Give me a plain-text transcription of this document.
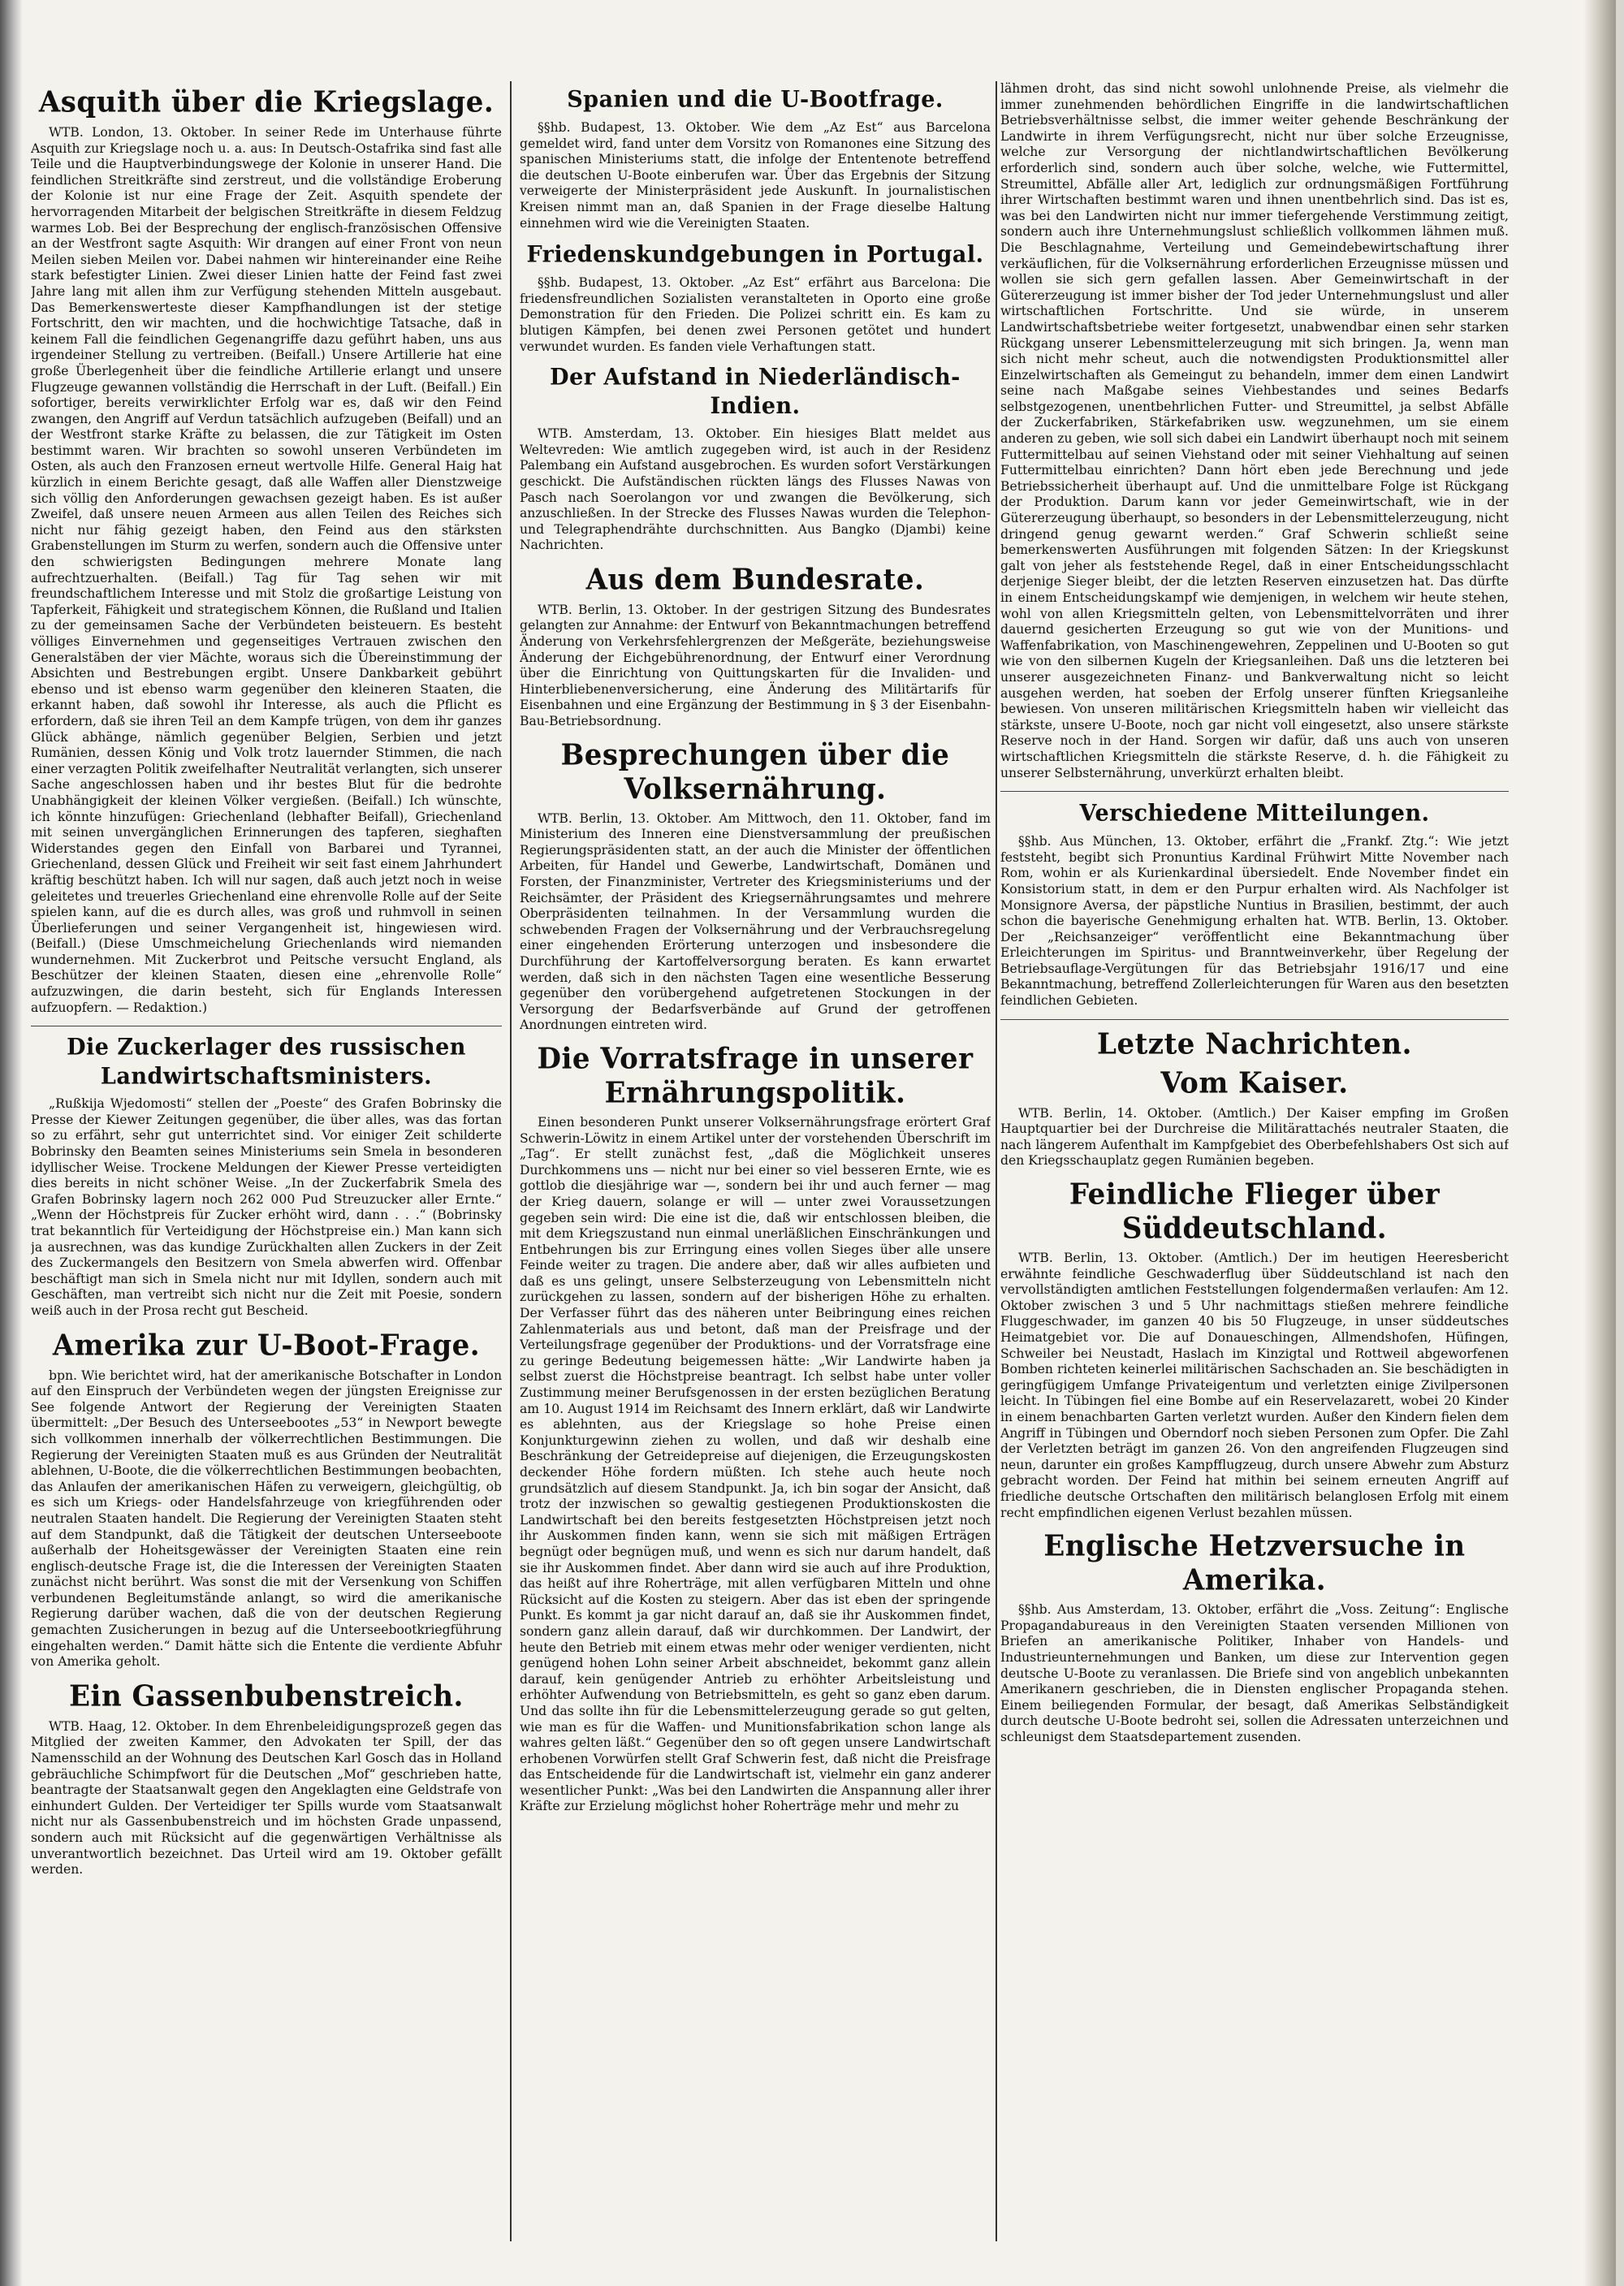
Asquith über die Kriegslage.

WTB. London, 13. Oktober. In seiner Rede im Unterhause führte Asquith zur Kriegslage noch u. a. aus: In Deutsch-Ostafrika sind fast alle Teile und die Hauptverbindungswege der Kolonie in unserer Hand. Die feindlichen Streitkräfte sind zerstreut, und die vollständige Eroberung der Kolonie ist nur eine Frage der Zeit. Asquith spendete der hervorragenden Mitarbeit der belgischen Streitkräfte in diesem Feldzug warmes Lob. Bei der Besprechung der englisch-französischen Offensive an der Westfront sagte Asquith: Wir drangen auf einer Front von neun Meilen sieben Meilen vor. Dabei nahmen wir hintereinander eine Reihe stark befestigter Linien. Zwei dieser Linien hatte der Feind fast zwei Jahre lang mit allen ihm zur Verfügung stehenden Mitteln ausgebaut. Das Bemerkenswerteste dieser Kampfhandlungen ist der stetige Fortschritt, den wir machten, und die hochwichtige Tatsache, daß in keinem Fall die feindlichen Gegenangriffe dazu geführt haben, uns aus irgendeiner Stellung zu vertreiben. (Beifall.) Unsere Artillerie hat eine große Überlegenheit über die feindliche Artillerie erlangt und unsere Flugzeuge gewannen vollständig die Herrschaft in der Luft. (Beifall.) Ein sofortiger, bereits verwirklichter Erfolg war es, daß wir den Feind zwangen, den Angriff auf Verdun tatsächlich aufzugeben (Beifall) und an der Westfront starke Kräfte zu belassen, die zur Tätigkeit im Osten bestimmt waren. Wir brachten so sowohl unseren Verbündeten im Osten, als auch den Franzosen erneut wertvolle Hilfe. General Haig hat kürzlich in einem Berichte gesagt, daß alle Waffen aller Dienstzweige sich völlig den Anforderungen gewachsen gezeigt haben. Es ist außer Zweifel, daß unsere neuen Armeen aus allen Teilen des Reiches sich nicht nur fähig gezeigt haben, den Feind aus den stärksten Grabenstellungen im Sturm zu werfen, sondern auch die Offensive unter den schwierigsten Bedingungen mehrere Monate lang aufrechtzuerhalten. (Beifall.) Tag für Tag sehen wir mit freundschaftlichem Interesse und mit Stolz die großartige Leistung von Tapferkeit, Fähigkeit und strategischem Können, die Rußland und Italien zu der gemeinsamen Sache der Verbündeten beisteuern. Es besteht völliges Einvernehmen und gegenseitiges Vertrauen zwischen den Generalstäben der vier Mächte, woraus sich die Übereinstimmung der Absichten und Bestrebungen ergibt. Unsere Dankbarkeit gebührt ebenso und ist ebenso warm gegenüber den kleineren Staaten, die erkannt haben, daß sowohl ihr Interesse, als auch die Pflicht es erfordern, daß sie ihren Teil an dem Kampfe trügen, von dem ihr ganzes Glück abhänge, nämlich gegenüber Belgien, Serbien und jetzt Rumänien, dessen König und Volk trotz lauernder Stimmen, die nach einer verzagten Politik zweifelhafter Neutralität verlangten, sich unserer Sache angeschlossen haben und ihr bestes Blut für die bedrohte Unabhängigkeit der kleinen Völker vergießen. (Beifall.) Ich wünschte, ich könnte hinzufügen: Griechenland (lebhafter Beifall), Griechenland mit seinen unvergänglichen Erinnerungen des tapferen, sieghaften Widerstandes gegen den Einfall von Barbarei und Tyrannei, Griechenland, dessen Glück und Freiheit wir seit fast einem Jahrhundert kräftig beschützt haben. Ich will nur sagen, daß auch jetzt noch in weise geleitetes und treuerles Griechenland eine ehrenvolle Rolle auf der Seite spielen kann, auf die es durch alles, was groß und ruhmvoll in seinen Überlieferungen und seiner Vergangenheit ist, hingewiesen wird. (Beifall.) (Diese Umschmeichelung Griechenlands wird niemanden wundernehmen. Mit Zuckerbrot und Peitsche versucht England, als Beschützer der kleinen Staaten, diesen eine „ehrenvolle Rolle“ aufzuzwingen, die darin besteht, sich für Englands Interessen aufzuopfern. — Redaktion.)

Die Zuckerlager des russischen Landwirtschaftsministers.

„Rußkija Wjedomosti“ stellen der „Poeste“ des Grafen Bobrinsky die Presse der Kiewer Zeitungen gegenüber, die über alles, was das fortan so zu erfährt, sehr gut unterrichtet sind. Vor einiger Zeit schilderte Bobrinsky den Beamten seines Ministeriums sein Smela in besonderen idyllischer Weise. Trockene Meldungen der Kiewer Presse verteidigten dies bereits in nicht schöner Weise. „In der Zuckerfabrik Smela des Grafen Bobrinsky lagern noch 262 000 Pud Streuzucker aller Ernte.“ „Wenn der Höchstpreis für Zucker erhöht wird, dann . . .“ (Bobrinsky trat bekanntlich für Verteidigung der Höchstpreise ein.) Man kann sich ja ausrechnen, was das kundige Zurückhalten allen Zuckers in der Zeit des Zuckermangels den Besitzern von Smela abwerfen wird. Offenbar beschäftigt man sich in Smela nicht nur mit Idyllen, sondern auch mit Geschäften, man vertreibt sich nicht nur die Zeit mit Poesie, sondern weiß auch in der Prosa recht gut Bescheid.

Amerika zur U-Boot-Frage.

bpn. Wie berichtet wird, hat der amerikanische Botschafter in London auf den Einspruch der Verbündeten wegen der jüngsten Ereignisse zur See folgende Antwort der Regierung der Vereinigten Staaten übermittelt: „Der Besuch des Unterseebootes „53“ in Newport bewegte sich vollkommen innerhalb der völkerrechtlichen Bestimmungen. Die Regierung der Vereinigten Staaten muß es aus Gründen der Neutralität ablehnen, U-Boote, die die völkerrechtlichen Bestimmungen beobachten, das Anlaufen der amerikanischen Häfen zu verweigern, gleichgültig, ob es sich um Kriegs- oder Handelsfahrzeuge von kriegführenden oder neutralen Staaten handelt. Die Regierung der Vereinigten Staaten steht auf dem Standpunkt, daß die Tätigkeit der deutschen Unterseeboote außerhalb der Hoheitsgewässer der Vereinigten Staaten eine rein englisch-deutsche Frage ist, die die Interessen der Vereinigten Staaten zunächst nicht berührt. Was sonst die mit der Versenkung von Schiffen verbundenen Begleitumstände anlangt, so wird die amerikanische Regierung darüber wachen, daß die von der deutschen Regierung gemachten Zusicherungen in bezug auf die Unterseebootkriegführung eingehalten werden.“ Damit hätte sich die Entente die verdiente Abfuhr von Amerika geholt.

Ein Gassenbubenstreich.

WTB. Haag, 12. Oktober. In dem Ehrenbeleidigungsprozeß gegen das Mitglied der zweiten Kammer, den Advokaten ter Spill, der das Namensschild an der Wohnung des Deutschen Karl Gosch das in Holland gebräuchliche Schimpfwort für die Deutschen „Mof“ geschrieben hatte, beantragte der Staatsanwalt gegen den Angeklagten eine Geldstrafe von einhundert Gulden. Der Verteidiger ter Spills wurde vom Staatsanwalt nicht nur als Gassenbubenstreich und im höchsten Grade unpassend, sondern auch mit Rücksicht auf die gegenwärtigen Verhältnisse als unverantwortlich bezeichnet. Das Urteil wird am 19. Oktober gefällt werden.

Spanien und die U-Bootfrage.

§§hb. Budapest, 13. Oktober. Wie dem „Az Est“ aus Barcelona gemeldet wird, fand unter dem Vorsitz von Romanones eine Sitzung des spanischen Ministeriums statt, die infolge der Ententenote betreffend die deutschen U-Boote einberufen war. Über das Ergebnis der Sitzung verweigerte der Ministerpräsident jede Auskunft. In journalistischen Kreisen nimmt man an, daß Spanien in der Frage dieselbe Haltung einnehmen wird wie die Vereinigten Staaten.

Friedenskundgebungen in Portugal.

§§hb. Budapest, 13. Oktober. „Az Est“ erfährt aus Barcelona: Die friedensfreundlichen Sozialisten veranstalteten in Oporto eine große Demonstration für den Frieden. Die Polizei schritt ein. Es kam zu blutigen Kämpfen, bei denen zwei Personen getötet und hundert verwundet wurden. Es fanden viele Verhaftungen statt.

Der Aufstand in Niederländisch-Indien.

WTB. Amsterdam, 13. Oktober. Ein hiesiges Blatt meldet aus Weltevreden: Wie amtlich zugegeben wird, ist auch in der Residenz Palembang ein Aufstand ausgebrochen. Es wurden sofort Verstärkungen geschickt. Die Aufständischen rückten längs des Flusses Nawas von Pasch nach Soerolangon vor und zwangen die Bevölkerung, sich anzuschließen. In der Strecke des Flusses Nawas wurden die Telephon- und Telegraphendrähte durchschnitten. Aus Bangko (Djambi) keine Nachrichten.

Aus dem Bundesrate.

WTB. Berlin, 13. Oktober. In der gestrigen Sitzung des Bundesrates gelangten zur Annahme: der Entwurf von Bekanntmachungen betreffend Änderung von Verkehrsfehlergrenzen der Meßgeräte, beziehungsweise Änderung der Eichgebührenordnung, der Entwurf einer Verordnung über die Einrichtung von Quittungskarten für die Invaliden- und Hinterbliebenenversicherung, eine Änderung des Militärtarifs für Eisenbahnen und eine Ergänzung der Bestimmung in § 3 der Eisenbahn-Bau-Betriebsordnung.

Besprechungen über die Volksernährung.

WTB. Berlin, 13. Oktober. Am Mittwoch, den 11. Oktober, fand im Ministerium des Inneren eine Dienstversammlung der preußischen Regierungspräsidenten statt, an der auch die Minister der öffentlichen Arbeiten, für Handel und Gewerbe, Landwirtschaft, Domänen und Forsten, der Finanzminister, Vertreter des Kriegsministeriums und der Reichsämter, der Präsident des Kriegsernährungsamtes und mehrere Oberpräsidenten teilnahmen. In der Versammlung wurden die schwebenden Fragen der Volksernährung und der Verbrauchsregelung einer eingehenden Erörterung unterzogen und insbesondere die Durchführung der Kartoffelversorgung beraten. Es kann erwartet werden, daß sich in den nächsten Tagen eine wesentliche Besserung gegenüber den vorübergehend aufgetretenen Stockungen in der Versorgung der Bedarfsverbände auf Grund der getroffenen Anordnungen eintreten wird.

Die Vorratsfrage in unserer Ernährungspolitik.

Einen besonderen Punkt unserer Volksernährungsfrage erörtert Graf Schwerin-Löwitz in einem Artikel unter der vorstehenden Überschrift im „Tag“. Er stellt zunächst fest, „daß die Möglichkeit unseres Durchkommens uns — nicht nur bei einer so viel besseren Ernte, wie es gottlob die diesjährige war —, sondern bei ihr und auch ferner — mag der Krieg dauern, solange er will — unter zwei Voraussetzungen gegeben sein wird: Die eine ist die, daß wir entschlossen bleiben, die mit dem Kriegszustand nun einmal unerläßlichen Einschränkungen und Entbehrungen bis zur Erringung eines vollen Sieges über alle unsere Feinde weiter zu tragen. Die andere aber, daß wir alles aufbieten und daß es uns gelingt, unsere Selbsterzeugung von Lebensmitteln nicht zurückgehen zu lassen, sondern auf der bisherigen Höhe zu erhalten. Der Verfasser führt das des näheren unter Beibringung eines reichen Zahlenmaterials aus und betont, daß man der Preisfrage und der Verteilungsfrage gegenüber der Produktions- und der Vorratsfrage eine zu geringe Bedeutung beigemessen hätte: „Wir Landwirte haben ja selbst zuerst die Höchstpreise beantragt. Ich selbst habe unter voller Zustimmung meiner Berufsgenossen in der ersten bezüglichen Beratung am 10. August 1914 im Reichsamt des Innern erklärt, daß wir Landwirte es ablehnten, aus der Kriegslage so hohe Preise einen Konjunkturgewinn ziehen zu wollen, und daß wir deshalb eine Beschränkung der Getreidepreise auf diejenigen, die Erzeugungskosten deckender Höhe fordern müßten. Ich stehe auch heute noch grundsätzlich auf diesem Standpunkt. Ja, ich bin sogar der Ansicht, daß trotz der inzwischen so gewaltig gestiegenen Produktionskosten die Landwirtschaft bei den bereits festgesetzten Höchstpreisen jetzt noch ihr Auskommen finden kann, wenn sie sich mit mäßigen Erträgen begnügt oder begnügen muß, und wenn es sich nur darum handelt, daß sie ihr Auskommen findet. Aber dann wird sie auch auf ihre Produktion, das heißt auf ihre Roherträge, mit allen verfügbaren Mitteln und ohne Rücksicht auf die Kosten zu steigern. Aber das ist eben der springende Punkt. Es kommt ja gar nicht darauf an, daß sie ihr Auskommen findet, sondern ganz allein darauf, daß wir durchkommen. Der Landwirt, der heute den Betrieb mit einem etwas mehr oder weniger verdienten, nicht genügend hohen Lohn seiner Arbeit abschneidet, bekommt ganz allein darauf, kein genügender Antrieb zu erhöhter Arbeitsleistung und erhöhter Aufwendung von Betriebsmitteln, es geht so ganz eben darum. Und das sollte ihn für die Lebensmittelerzeugung gerade so gut gelten, wie man es für die Waffen- und Munitionsfabrikation schon lange als wahres gelten läßt.“ Gegenüber den so oft gegen unsere Landwirtschaft erhobenen Vorwürfen stellt Graf Schwerin fest, daß nicht die Preisfrage das Entscheidende für die Landwirtschaft ist, vielmehr ein ganz anderer wesentlicher Punkt: „Was bei den Landwirten die Anspannung aller ihrer Kräfte zur Erzielung möglichst hoher Roherträge mehr und mehr zu

lähmen droht, das sind nicht sowohl unlohnende Preise, als vielmehr die immer zunehmenden behördlichen Eingriffe in die landwirtschaftlichen Betriebsverhältnisse selbst, die immer weiter gehende Beschränkung der Landwirte in ihrem Verfügungsrecht, nicht nur über solche Erzeugnisse, welche zur Versorgung der nichtlandwirtschaftlichen Bevölkerung erforderlich sind, sondern auch über solche, welche, wie Futtermittel, Streumittel, Abfälle aller Art, lediglich zur ordnungsmäßigen Fortführung ihrer Wirtschaften bestimmt waren und ihnen unentbehrlich sind. Das ist es, was bei den Landwirten nicht nur immer tiefergehende Verstimmung zeitigt, sondern auch ihre Unternehmungslust schließlich vollkommen lähmen muß. Die Beschlagnahme, Verteilung und Gemeindebewirtschaftung ihrer verkäuflichen, für die Volksernährung erforderlichen Erzeugnisse müssen und wollen sie sich gern gefallen lassen. Aber Gemeinwirtschaft in der Gütererzeugung ist immer bisher der Tod jeder Unternehmungslust und aller wirtschaftlichen Fortschritte. Und sie würde, in unserem Landwirtschaftsbetriebe weiter fortgesetzt, unabwendbar einen sehr starken Rückgang unserer Lebensmittelerzeugung mit sich bringen. Ja, wenn man sich nicht mehr scheut, auch die notwendigsten Produktionsmittel aller Einzelwirtschaften als Gemeingut zu behandeln, immer dem einen Landwirt seine nach Maßgabe seines Viehbestandes und seines Bedarfs selbstgezogenen, unentbehrlichen Futter- und Streumittel, ja selbst Abfälle der Zuckerfabriken, Stärkefabriken usw. wegzunehmen, um sie einem anderen zu geben, wie soll sich dabei ein Landwirt überhaupt noch mit seinem Futtermittelbau auf seinen Viehstand oder mit seiner Viehhaltung auf seinen Futtermittelbau einrichten? Dann hört eben jede Berechnung und jede Betriebssicherheit überhaupt auf. Und die unmittelbare Folge ist Rückgang der Produktion. Darum kann vor jeder Gemeinwirtschaft, wie in der Gütererzeugung überhaupt, so besonders in der Lebensmittelerzeugung, nicht dringend genug gewarnt werden.“ Graf Schwerin schließt seine bemerkenswerten Ausführungen mit folgenden Sätzen: In der Kriegskunst galt von jeher als feststehende Regel, daß in einer Entscheidungsschlacht derjenige Sieger bleibt, der die letzten Reserven einzusetzen hat. Das dürfte in einem Entscheidungskampf wie demjenigen, in welchem wir heute stehen, wohl von allen Kriegsmitteln gelten, von Lebensmittelvorräten und ihrer dauernd gesicherten Erzeugung so gut wie von der Munitions- und Waffenfabrikation, von Maschinengewehren, Zeppelinen und U-Booten so gut wie von den silbernen Kugeln der Kriegsanleihen. Daß uns die letzteren bei unserer ausgezeichneten Finanz- und Bankverwaltung nicht so leicht ausgehen werden, hat soeben der Erfolg unserer fünften Kriegsanleihe bewiesen. Von unseren militärischen Kriegsmitteln haben wir vielleicht das stärkste, unsere U-Boote, noch gar nicht voll eingesetzt, also unsere stärkste Reserve noch in der Hand. Sorgen wir dafür, daß uns auch von unseren wirtschaftlichen Kriegsmitteln die stärkste Reserve, d. h. die Fähigkeit zu unserer Selbsternährung, unverkürzt erhalten bleibt.

Verschiedene Mitteilungen.

§§hb. Aus München, 13. Oktober, erfährt die „Frankf. Ztg.“: Wie jetzt feststeht, begibt sich Pronuntius Kardinal Frühwirt Mitte November nach Rom, wohin er als Kurienkardinal übersiedelt. Ende November findet ein Konsistorium statt, in dem er den Purpur erhalten wird. Als Nachfolger ist Monsignore Aversa, der päpstliche Nuntius in Brasilien, bestimmt, der auch schon die bayerische Genehmigung erhalten hat. WTB. Berlin, 13. Oktober. Der „Reichsanzeiger“ veröffentlicht eine Bekanntmachung über Erleichterungen im Spiritus- und Branntweinverkehr, über Regelung der Betriebsauflage-Vergütungen für das Betriebsjahr 1916/17 und eine Bekanntmachung, betreffend Zollerleichterungen für Waren aus den besetzten feindlichen Gebieten.

Letzte Nachrichten.
Vom Kaiser.

WTB. Berlin, 14. Oktober. (Amtlich.) Der Kaiser empfing im Großen Hauptquartier bei der Durchreise die Militärattachés neutraler Staaten, die nach längerem Aufenthalt im Kampfgebiet des Oberbefehlshabers Ost sich auf den Kriegsschauplatz gegen Rumänien begeben.

Feindliche Flieger über Süddeutschland.

WTB. Berlin, 13. Oktober. (Amtlich.) Der im heutigen Heeresbericht erwähnte feindliche Geschwaderflug über Süddeutschland ist nach den vervollständigten amtlichen Feststellungen folgendermaßen verlaufen: Am 12. Oktober zwischen 3 und 5 Uhr nachmittags stießen mehrere feindliche Fluggeschwader, im ganzen 40 bis 50 Flugzeuge, in unser süddeutsches Heimatgebiet vor. Die auf Donaueschingen, Allmendshofen, Hüfingen, Schweiler bei Neustadt, Haslach im Kinzigtal und Rottweil abgeworfenen Bomben richteten keinerlei militärischen Sachschaden an. Sie beschädigten in geringfügigem Umfange Privateigentum und verletzten einige Zivilpersonen leicht. In Tübingen fiel eine Bombe auf ein Reservelazarett, wobei 20 Kinder in einem benachbarten Garten verletzt wurden. Außer den Kindern fielen dem Angriff in Tübingen und Oberndorf noch sieben Personen zum Opfer. Die Zahl der Verletzten beträgt im ganzen 26. Von den angreifenden Flugzeugen sind neun, darunter ein großes Kampfflugzeug, durch unsere Abwehr zum Absturz gebracht worden. Der Feind hat mithin bei seinem erneuten Angriff auf friedliche deutsche Ortschaften den militärisch belanglosen Erfolg mit einem recht empfindlichen eigenen Verlust bezahlen müssen.

Englische Hetzversuche in Amerika.

§§hb. Aus Amsterdam, 13. Oktober, erfährt die „Voss. Zeitung“: Englische Propagandabureaus in den Vereinigten Staaten versenden Millionen von Briefen an amerikanische Politiker, Inhaber von Handels- und Industrieunternehmungen und Banken, um diese zur Intervention gegen deutsche U-Boote zu veranlassen. Die Briefe sind von angeblich unbekannten Amerikanern geschrieben, die in Diensten englischer Propaganda stehen. Einem beiliegenden Formular, der besagt, daß Amerikas Selbständigkeit durch deutsche U-Boote bedroht sei, sollen die Adressaten unterzeichnen und schleunigst dem Staatsdepartement zusenden.
